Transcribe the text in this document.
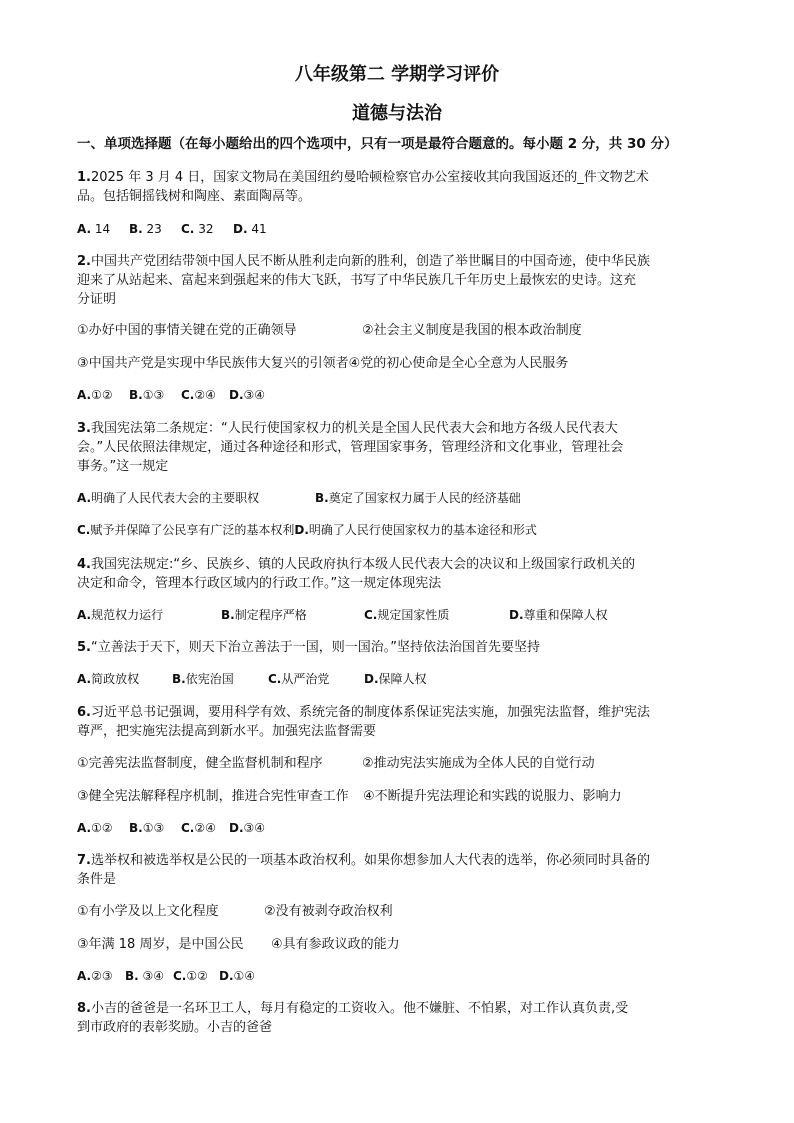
八年级第二 学期学习评价
道德与法治

一、单项选择题（在每小题给出的四个选项中，只有一项是最符合题意的。每小题 2 分，共 30 分）

1.2025 年 3 月 4 日，国家文物局在美国纽约曼哈顿检察官办公室接收其向我国返还的_件文物艺术

品。包括铜摇钱树和陶座、素面陶鬲等。

A. 14 B. 23 C. 32 D. 41

2.中国共产党团结带领中国人民不断从胜利走向新的胜利，创造了举世瞩目的中国奇迹，使中华民族

迎来了从站起来、富起来到强起来的伟大飞跃，书写了中华民族几千年历史上最恢宏的史诗。这充

分证明

①办好中国的事情关键在党的正确领导	②社会主义制度是我国的根本政治制度

③中国共产党是实现中华民族伟大复兴的引领者④党的初心使命是全心全意为人民服务

A.①② B.①③ C.②④ D.③④

3.我国宪法第二条规定：“人民行使国家权力的机关是全国人民代表大会和地方各级人民代表大

会。”人民依照法律规定，通过各种途径和形式，管理国家事务，管理经济和文化事业，管理社会

事务。”这一规定

A.明确了人民代表大会的主要职权	B.奠定了国家权力属于人民的经济基础

C.赋予并保障了公民享有广泛的基本权利D.明确了人民行使国家权力的基本途径和形式

4.我国宪法规定:“乡、民族乡、镇的人民政府执行本级人民代表大会的决议和上级国家行政机关的

决定和命令，管理本行政区域内的行政工作。”这一规定体现宪法

A.规范权力运行	B.制定程序严格	C.规定国家性质	D.尊重和保障人权

5.“立善法于天下，则天下治立善法于一国，则一国治。”坚持依法治国首先要坚持

A.简政放权	B.依宪治国	C.从严治党	D.保障人权

6.习近平总书记强调，要用科学有效、系统完备的制度体系保证宪法实施，加强宪法监督，维护宪法

尊严，把实施宪法提高到新水平。加强宪法监督需要

①完善宪法监督制度，健全监督机制和程序	②推动宪法实施成为全体人民的自觉行动

③健全宪法解释程序机制，推进合宪性审查工作 ④不断提升宪法理论和实践的说服力、影响力

A.①② B.①③ C.②④ D.③④

7.选举权和被选举权是公民的一项基本政治权利。如果你想参加人大代表的选举，你必须同时具备的

条件是

①有小学及以上文化程度	②没有被剥夺政治权利

③年满 18 周岁，是中国公民 ④具有参政议政的能力

A.②③ B. ③④ C.①② D.①④

8.小吉的爸爸是一名环卫工人，每月有稳定的工资收入。他不嫌脏、不怕累，对工作认真负责,受

到市政府的表彰奖励。小吉的爸爸
